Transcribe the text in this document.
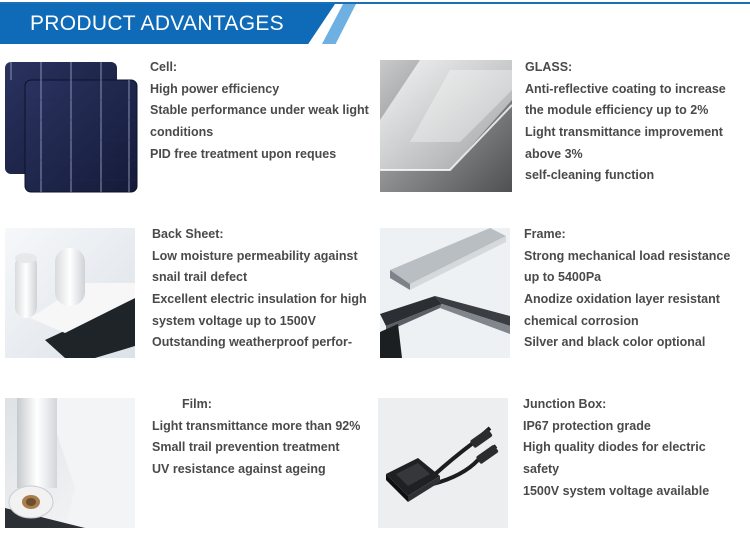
PRODUCT ADVANTAGES
Cell:
High power efficiency
Stable performance under weak light
conditions
PID free treatment upon reques
GLASS:
Anti-reflective coating to increase
the module efficiency up to 2%
Light transmittance improvement
above 3%
self-cleaning function
Back Sheet:
Low moisture permeability against
snail trail defect
Excellent electric insulation for high
system voltage up to 1500V
Outstanding weatherproof perfor-
Frame:
Strong mechanical load resistance
up to 5400Pa
Anodize oxidation layer resistant
chemical corrosion
Silver and black color optional
Film:
Light transmittance more than 92%
Small trail prevention treatment
UV resistance against ageing
Junction Box:
IP67 protection grade
High quality diodes for electric
safety
1500V system voltage available
